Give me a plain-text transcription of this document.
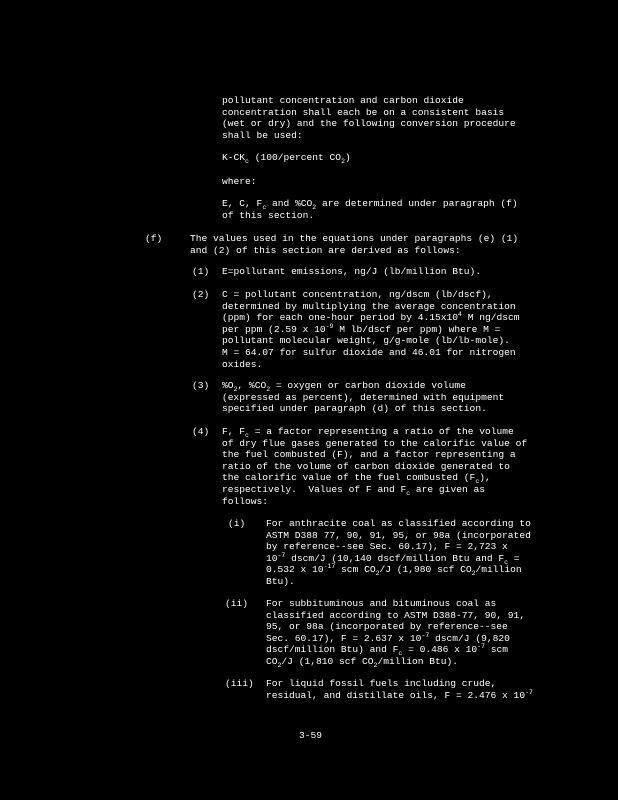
pollutant concentration and carbon dioxide
concentration shall each be on a consistent basis
(wet or dry) and the following conversion procedure
shall be used:
$K-CK_c$ (100/percent $CO_2$)
where:
E, C, $F_c$ and $\%CO_2$ are determined under paragraph (f)
of this section.
(f)	The values used in the equations under paragraphs (e) (1)
and (2) of this section are derived as follows:
(1) E=pollutant emissions, ng/J (lb/million Btu).
(2) C = pollutant concentration, ng/dscm (lb/dscf),
determined by multiplying the average concentration
(ppm) for each one-hour period by $4.15x10^4$ M ng/dscm
per ppm (2.59 x $10^{-9}$ M lb/dscf per ppm) where M =
pollutant molecular weight, g/g-mole (lb/lb-mole).
M = 64.07 for sulfur dioxide and 46.01 for nitrogen
oxides.
(3) $\%O_2$, $\%CO_2$ = oxygen or carbon dioxide volume
(expressed as percent), determined with equipment
specified under paragraph (d) of this section.
(4) F, $F_c = a$ factor representing a ratio of the volume
of dry flue gases generated to the calorific value of
the fuel combusted (F), and a factor representing a
ratio of the volume of carbon dioxide generated to
the calorific value of the fuel combusted $(F_c)$,
respectively.  Values of F and $F_c$ are given as
follows:
(i) For anthracite coal as classified according to
ASTM D388 77, 90, 91, 95, or 98a (incorporated
by reference--see Sec. 60.17), F = 2,723 x
$10^{-7}$ dscm/J (10,140 dscf/million Btu and $F_c$ =
0.532 x $10^{-17}$ scm $CO_2/J$ (1,980 scf $CO_2$/million
Btu).
(ii) For subbituminous and bituminous coal as
classified according to ASTM D388-77, 90, 91,
95, or 98a (incorporated by reference--see
Sec. 60.17), F = 2.637 x $10^{-7}$ dscm/J (9,820
dscf/million Btu) and $F_c = 0.486$ x $10^{-7}$ scm
$CO_2/J$ (1,810 scf $CO_2$/million Btu).
(iii) For liquid fossil fuels including crude,
residual, and distillate oils, F = 2.476 x $10^{-7}$
3-59
